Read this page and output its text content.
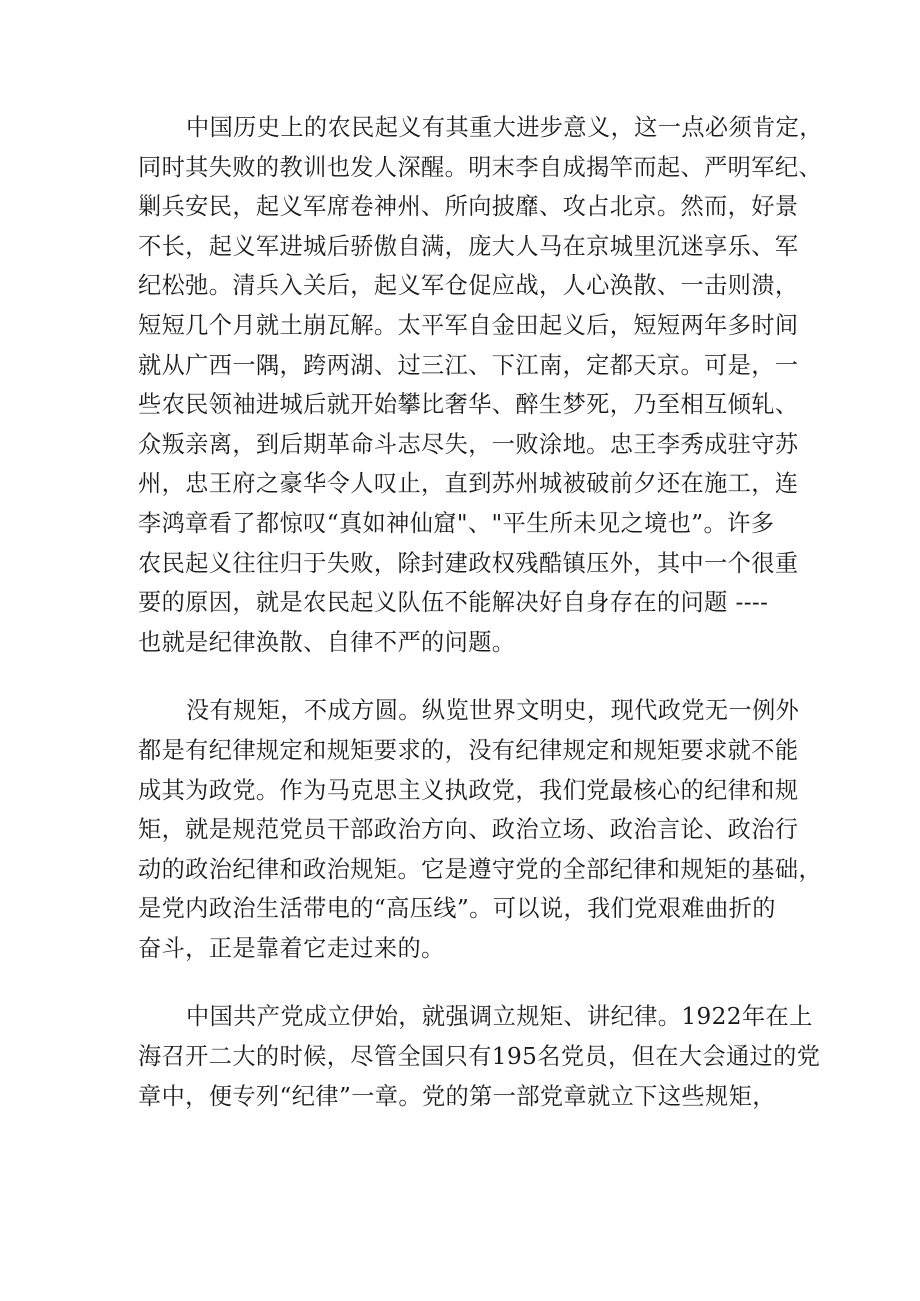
中国历史上的农民起义有其重大进步意义，这一点必须肯定，
同时其失败的教训也发人深醒。明末李自成揭竿而起、严明军纪、
剿兵安民，起义军席卷神州、所向披靡、攻占北京。然而，好景
不长，起义军进城后骄傲自满，庞大人马在京城里沉迷享乐、军
纪松弛。清兵入关后，起义军仓促应战，人心涣散、一击则溃，
短短几个月就土崩瓦解。太平军自金田起义后，短短两年多时间
就从广西一隅，跨两湖、过三江、下江南，定都天京。可是，一
些农民领袖进城后就开始攀比奢华、醉生梦死，乃至相互倾轧、
众叛亲离，到后期革命斗志尽失，一败涂地。忠王李秀成驻守苏
州，忠王府之豪华令人叹止，直到苏州城被破前夕还在施工，连
李鸿章看了都惊叹“真如神仙窟"、"平生所未见之境也”。许多
农民起义往往归于失败，除封建政权残酷镇压外，其中一个很重
要的原因，就是农民起义队伍不能解决好自身存在的问题 ----
也就是纪律涣散、自律不严的问题。

没有规矩，不成方圆。纵览世界文明史，现代政党无一例外
都是有纪律规定和规矩要求的，没有纪律规定和规矩要求就不能
成其为政党。作为马克思主义执政党，我们党最核心的纪律和规
矩，就是规范党员干部政治方向、政治立场、政治言论、政治行
动的政治纪律和政治规矩。它是遵守党的全部纪律和规矩的基础，
是党内政治生活带电的“高压线”。可以说，我们党艰难曲折的
奋斗，正是靠着它走过来的。

中国共产党成立伊始，就强调立规矩、讲纪律。1922年在上
海召开二大的时候，尽管全国只有195名党员，但在大会通过的党
章中，便专列“纪律”一章。党的第一部党章就立下这些规矩，
